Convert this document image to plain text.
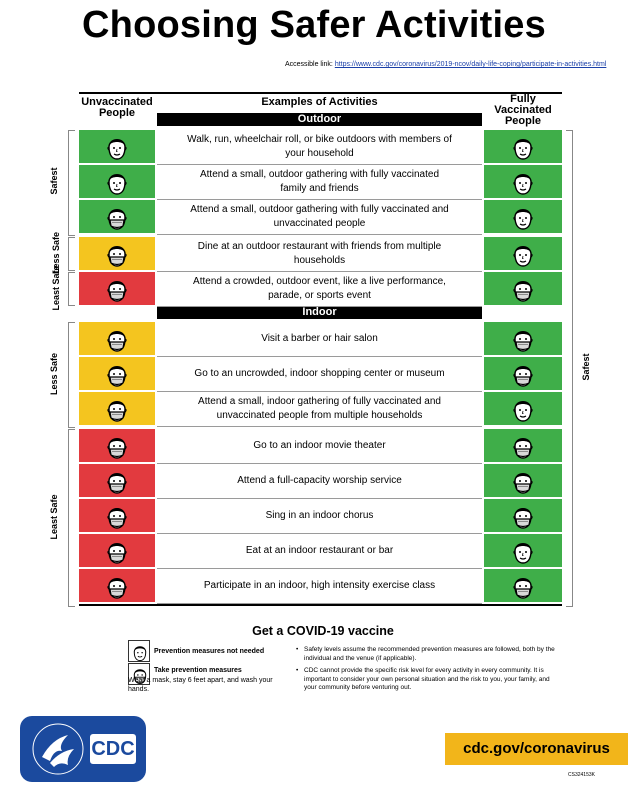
Choosing Safer Activities
Accessible link: https://www.cdc.gov/coronavirus/2019-ncov/daily-life-coping/participate-in-activities.html
Unvaccinated People
Examples of Activities	Fully Vaccinated People
Outdoor
Indoor
Walk, run, wheelchair roll, or bike outdoors with members of your household
Attend a small, outdoor gathering with fully vaccinated family and friends
Attend a small, outdoor gathering with fully vaccinated and unvaccinated people
Dine at an outdoor restaurant with friends from multiple households
Attend a crowded, outdoor event, like a live performance, parade, or sports event
Visit a barber or hair salon
Go to an uncrowded, indoor shopping center or museum
Attend a small, indoor gathering of fully vaccinated and unvaccinated people from multiple households
Go to an indoor movie theater
Attend a full-capacity worship service
Sing in an indoor chorus
Eat at an indoor restaurant or bar
Participate in an indoor, high intensity exercise class
Safest
Less Safe
Least Safe
Less Safe
Least Safe
Safest
Get a COVID-19 vaccine
Prevention measures not needed
Take prevention measures
Wear a mask, stay 6 feet apart, and wash your hands.
• Safety levels assume the recommended prevention measures are followed, both by the individual and the venue (if applicable).
• CDC cannot provide the specific risk level for every activity in every community. It is important to consider your own personal situation and the risk to you, your family, and your community before venturing out.
CDC	cdc.gov/coronavirus
CS324153K
